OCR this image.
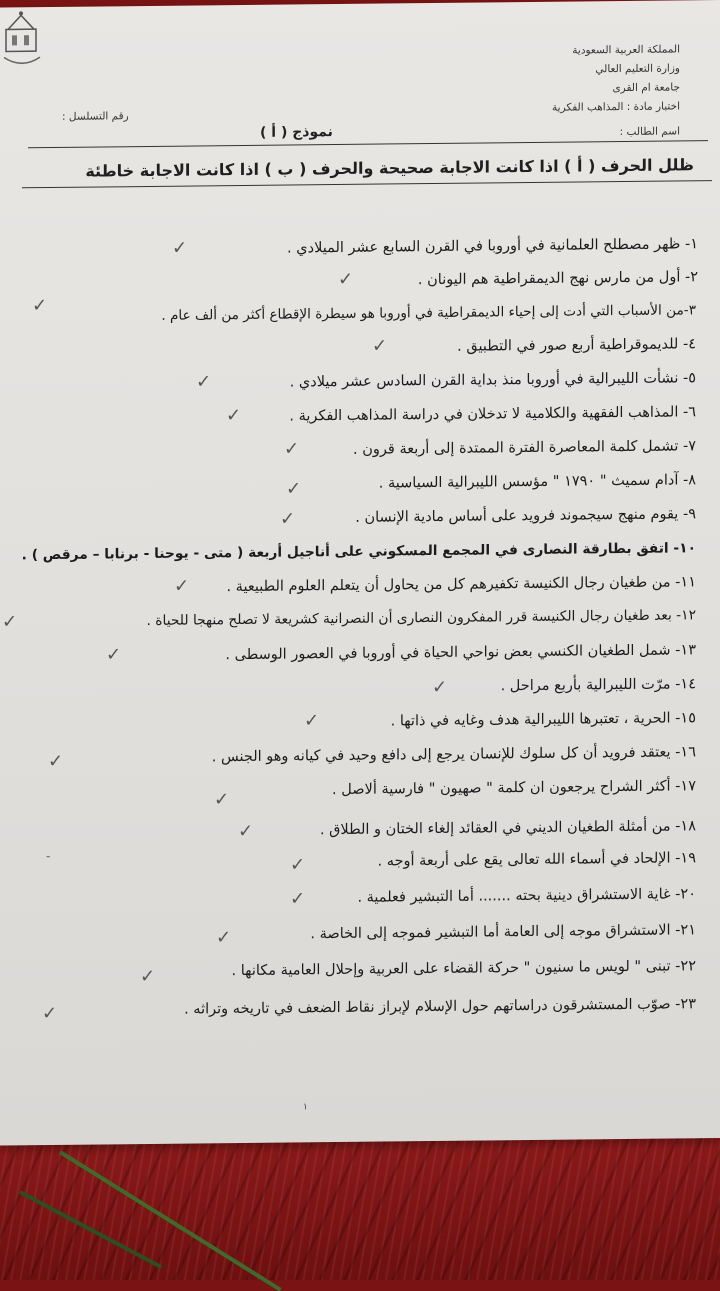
المملكة العربية السعودية
وزارة التعليم العالي
جامعة ام القرى
اختبار مادة : المذاهب الفكرية
اسم الطالب :
رقم التسلسل :
نموذج ( أ )
ظلل الحرف ( أ ) اذا كانت الاجابة صحيحة والحرف ( ب ) اذا كانت الاجابة خاطئة
١- ظهر مصطلح العلمانية في أوروبا في القرن السابع عشر الميلادي .
٢- أول من مارس نهج الديمقراطية هم اليونان .
٣-من الأسباب التي أدت إلى إحياء الديمقراطية في أوروبا هو سيطرة الإقطاع أكثر من ألف عام .
٤- للديموقراطية أربع صور في التطبيق .
٥- نشأت الليبرالية في أوروبا منذ بداية القرن السادس عشر ميلادي .
٦- المذاهب الفقهية والكلامية لا تدخلان في دراسة المذاهب الفكرية .
٧- تشمل كلمة المعاصرة الفترة الممتدة إلى أربعة قرون .
٨- آدام سميث " ١٧٩٠ " مؤسس الليبرالية السياسية .
٩- يقوم منهج سيجموند فرويد على أساس مادية الإنسان .
١٠- اتفق بطارقة النصارى في المجمع المسكوني على أناجيل أربعة ( متى - يوحنا - برنابا – مرقص ) .
١١- من طغيان رجال الكنيسة تكفيرهم كل من يحاول أن يتعلم العلوم الطبيعية .
١٢- بعد طغيان رجال الكنيسة قرر المفكرون النصارى أن النصرانية كشريعة لا تصلح منهجا للحياة .
١٣- شمل الطغيان الكنسي بعض نواحي الحياة في أوروبا في العصور الوسطى .
١٤- مرّت الليبرالية بأربع مراحل .
١٥- الحرية ، تعتبرها الليبرالية هدف وغايه في ذاتها .
١٦- يعتقد فرويد أن كل سلوك للإنسان يرجع إلى دافع وحيد في كيانه وهو الجنس .
١٧- أكثر الشراح يرجعون ان كلمة " صهيون " فارسية ألاصل .
١٨- من أمثلة الطغيان الديني في العقائد إلغاء الختان و الطلاق .
١٩- الإلحاد في أسماء الله تعالى يقع على أربعة أوجه .
٢٠- غاية الاستشراق دينية بحته ....... أما التبشير فعلمية .
٢١- الاستشراق موجه إلى العامة أما التبشير فموجه إلى الخاصة .
٢٢- تبنى " لويس ما سنيون " حركة القضاء على العربية وإحلال العامية مكانها .
٢٣- صوّب المستشرقون دراساتهم حول الإسلام لإبراز نقاط الضعف في تاريخه وتراثه .
✓
✓
✓
✓
✓
✓
✓
✓
✓
✓
✓
✓
✓
✓
✓
✓
✓
-	✓
✓
✓
✓
✓
١
